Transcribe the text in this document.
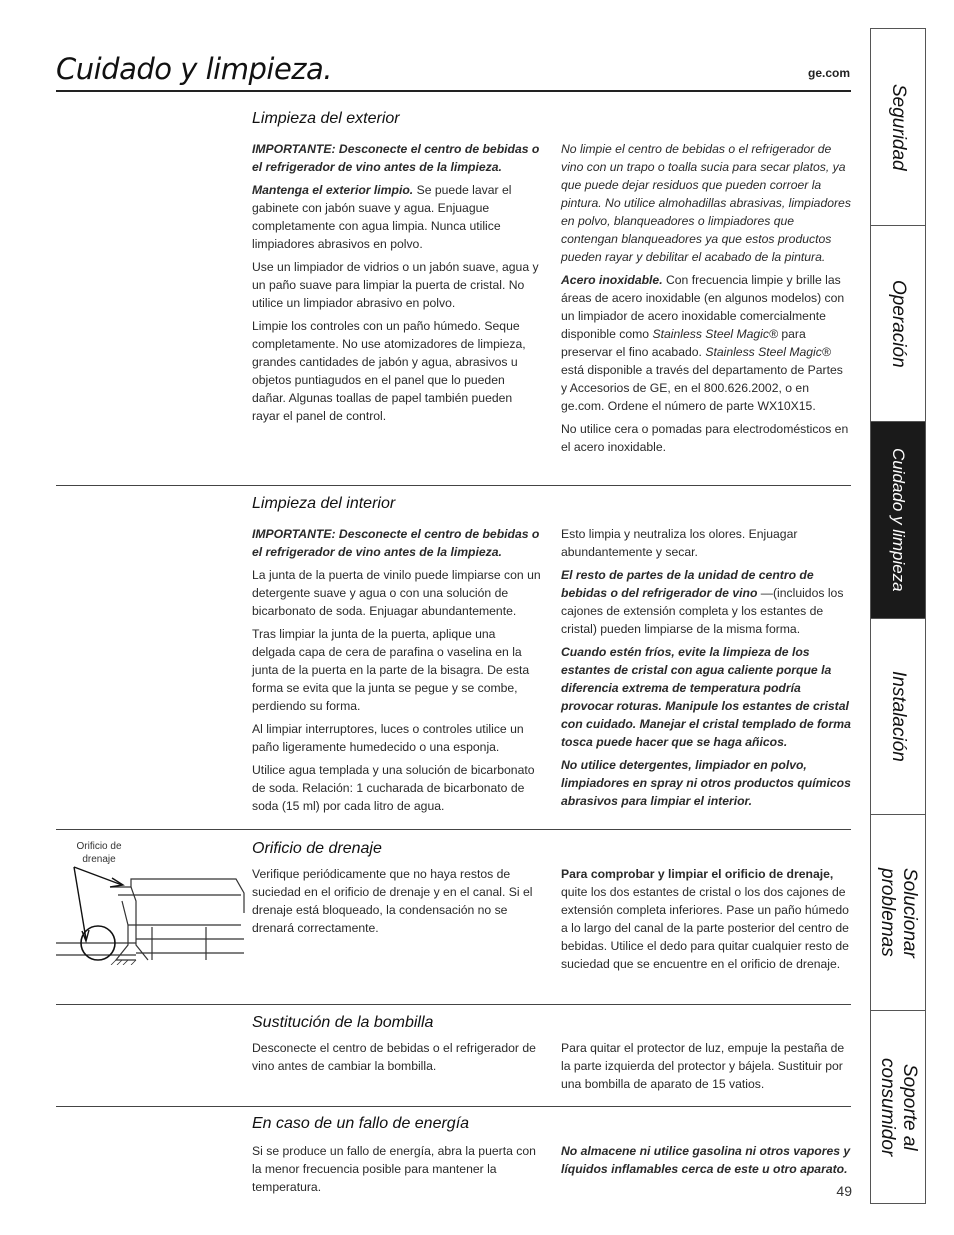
Cuidado y limpieza.	ge.com
Seguridad
Operación
Cuidado y limpieza
Instalación
Solucionar
problemas
Soporte al
consumidor
Limpieza del exterior

IMPORTANTE: Desconecte el centro de bebidas o el refrigerador de vino antes de la limpieza.

Mantenga el exterior limpio. Se puede lavar el gabinete con jabón suave y agua. Enjuague completamente con agua limpia. Nunca utilice limpiadores abrasivos en polvo.

Use un limpiador de vidrios o un jabón suave, agua y un paño suave para limpiar la puerta de cristal. No utilice un limpiador abrasivo en polvo.

Limpie los controles con un paño húmedo. Seque completamente. No use atomizadores de limpieza, grandes cantidades de jabón y agua, abrasivos u objetos puntiagudos en el panel que lo pueden dañar. Algunas toallas de papel también pueden rayar el panel de control.

No limpie el centro de bebidas o el refrigerador de vino con un trapo o toalla sucia para secar platos, ya que puede dejar residuos que pueden corroer la pintura. No utilice almohadillas abrasivas, limpiadores en polvo, blanqueadores o limpiadores que contengan blanqueadores ya que estos productos pueden rayar y debilitar el acabado de la pintura.

Acero inoxidable. Con frecuencia limpie y brille las áreas de acero inoxidable (en algunos modelos) con un limpiador de acero inoxidable comercialmente disponible como Stainless Steel Magic® para preservar el fino acabado. Stainless Steel Magic® está disponible a través del departamento de Partes y Accesorios de GE, en el 800.626.2002, o en ge.com. Ordene el número de parte WX10X15.

No utilice cera o pomadas para electrodomésticos en el acero inoxidable.

Limpieza del interior

IMPORTANTE: Desconecte el centro de bebidas o el refrigerador de vino antes de la limpieza.

La junta de la puerta de vinilo puede limpiarse con un detergente suave y agua o con una solución de bicarbonato de soda. Enjuagar abundantemente.

Tras limpiar la junta de la puerta, aplique una delgada capa de cera de parafina o vaselina en la junta de la puerta en la parte de la bisagra. De esta forma se evita que la junta se pegue y se combe, perdiendo su forma.

Al limpiar interruptores, luces o controles utilice un paño ligeramente humedecido o una esponja.

Utilice agua templada y una solución de bicarbonato de soda. Relación: 1 cucharada de bicarbonato de soda (15 ml) por cada litro de agua.

Esto limpia y neutraliza los olores. Enjuagar abundantemente y secar.

El resto de partes de la unidad de centro de bebidas o del refrigerador de vino —(incluidos los cajones de extensión completa y los estantes de cristal) pueden limpiarse de la misma forma.

Cuando estén fríos, evite la limpieza de los estantes de cristal con agua caliente porque la diferencia extrema de temperatura podría provocar roturas. Manipule los estantes de cristal con cuidado. Manejar el cristal templado de forma tosca puede hacer que se haga añicos.

No utilice detergentes, limpiador en polvo, limpiadores en spray ni otros productos químicos abrasivos para limpiar el interior.

Orificio de drenaje
Orificio de drenaje

Verifique periódicamente que no haya restos de suciedad en el orificio de drenaje y en el canal. Si el drenaje está bloqueado, la condensación no se drenará correctamente.

Para comprobar y limpiar el orificio de drenaje, quite los dos estantes de cristal o los dos cajones de extensión completa inferiores. Pase un paño húmedo a lo largo del canal de la parte posterior del centro de bebidas. Utilice el dedo para quitar cualquier resto de suciedad que se encuentre en el orificio de drenaje.

Sustitución de la bombilla

Desconecte el centro de bebidas o el refrigerador de vino antes de cambiar la bombilla.

Para quitar el protector de luz, empuje la pestaña de la parte izquierda del protector y bájela. Sustituir por una bombilla de aparato de 15 vatios.

En caso de un fallo de energía

Si se produce un fallo de energía, abra la puerta con la menor frecuencia posible para mantener la temperatura.

No almacene ni utilice gasolina ni otros vapores y líquidos inflamables cerca de este u otro aparato.

49
